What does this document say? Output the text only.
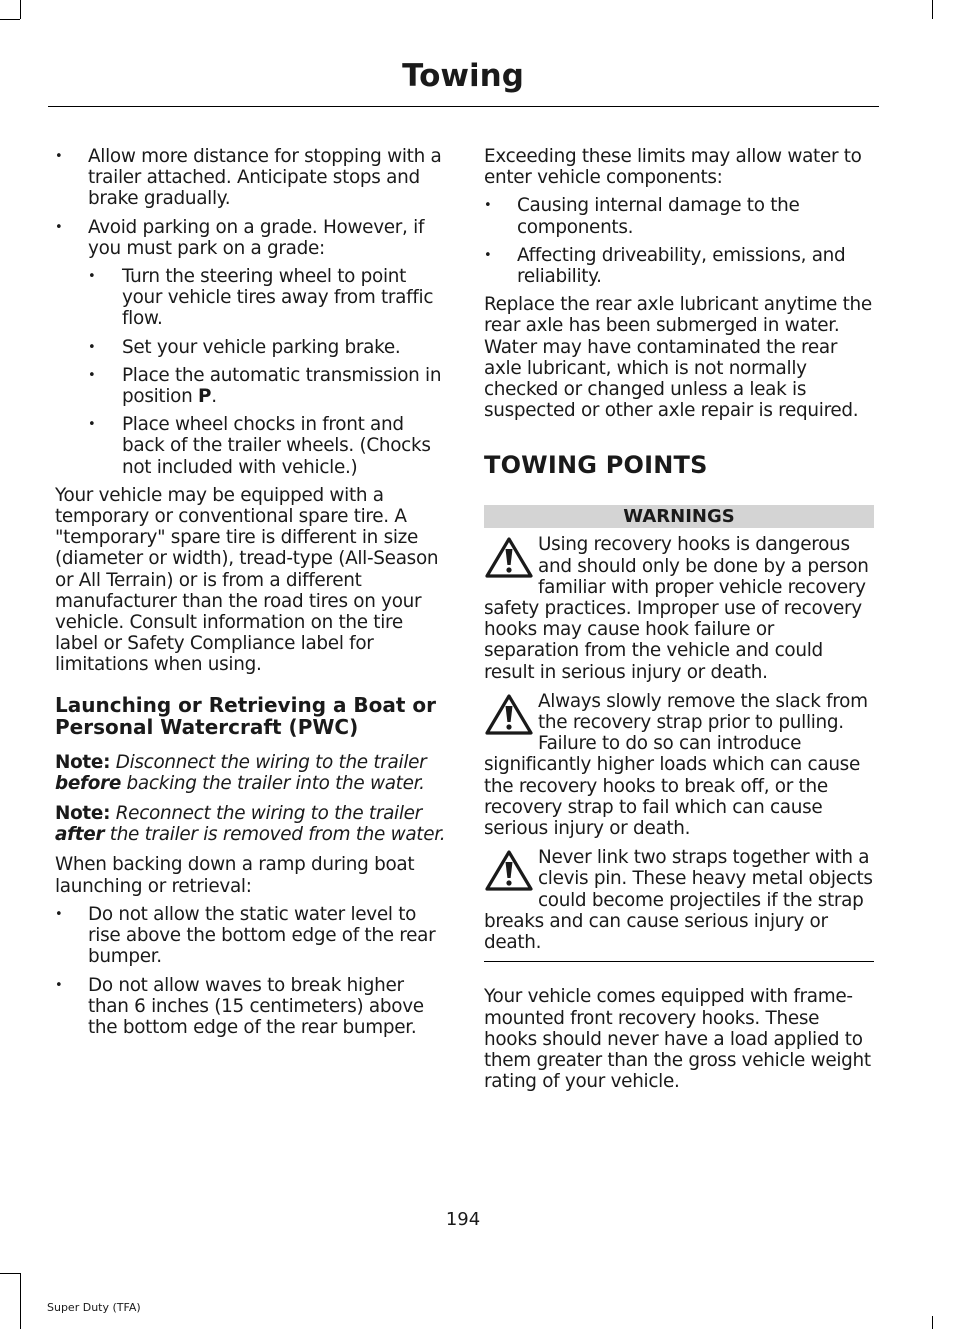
Towing
• Allow more distance for stopping with a trailer attached. Anticipate stops and brake gradually.
• Avoid parking on a grade. However, if you must park on a grade:
• Turn the steering wheel to point your vehicle tires away from traffic flow.
• Set your vehicle parking brake.
• Place the automatic transmission in position P.
• Place wheel chocks in front and back of the trailer wheels. (Chocks not included with vehicle.)

Your vehicle may be equipped with a temporary or conventional spare tire. A "temporary" spare tire is different in size (diameter or width), tread-type (All-Season or All Terrain) or is from a different manufacturer than the road tires on your vehicle. Consult information on the tire label or Safety Compliance label for limitations when using.

Launching or Retrieving a Boat or Personal Watercraft (PWC)

Note: Disconnect the wiring to the trailer before backing the trailer into the water.

Note: Reconnect the wiring to the trailer after the trailer is removed from the water.

When backing down a ramp during boat launching or retrieval:

• Do not allow the static water level to rise above the bottom edge of the rear bumper.
• Do not allow waves to break higher than 6 inches (15 centimeters) above the bottom edge of the rear bumper.

Exceeding these limits may allow water to enter vehicle components:

• Causing internal damage to the components.
• Affecting driveability, emissions, and reliability.

Replace the rear axle lubricant anytime the rear axle has been submerged in water. Water may have contaminated the rear axle lubricant, which is not normally checked or changed unless a leak is suspected or other axle repair is required.

TOWING POINTS
WARNINGS
Using recovery hooks is dangerous and should only be done by a person familiar with proper vehicle recovery safety practices. Improper use of recovery hooks may cause hook failure or separation from the vehicle and could result in serious injury or death.
Always slowly remove the slack from the recovery strap prior to pulling. Failure to do so can introduce significantly higher loads which can cause the recovery hooks to break off, or the recovery strap to fail which can cause serious injury or death.
Never link two straps together with a clevis pin. These heavy metal objects could become projectiles if the strap breaks and can cause serious injury or death.

Your vehicle comes equipped with frame-mounted front recovery hooks. These hooks should never have a load applied to them greater than the gross vehicle weight rating of your vehicle.

194
Super Duty (TFA)
